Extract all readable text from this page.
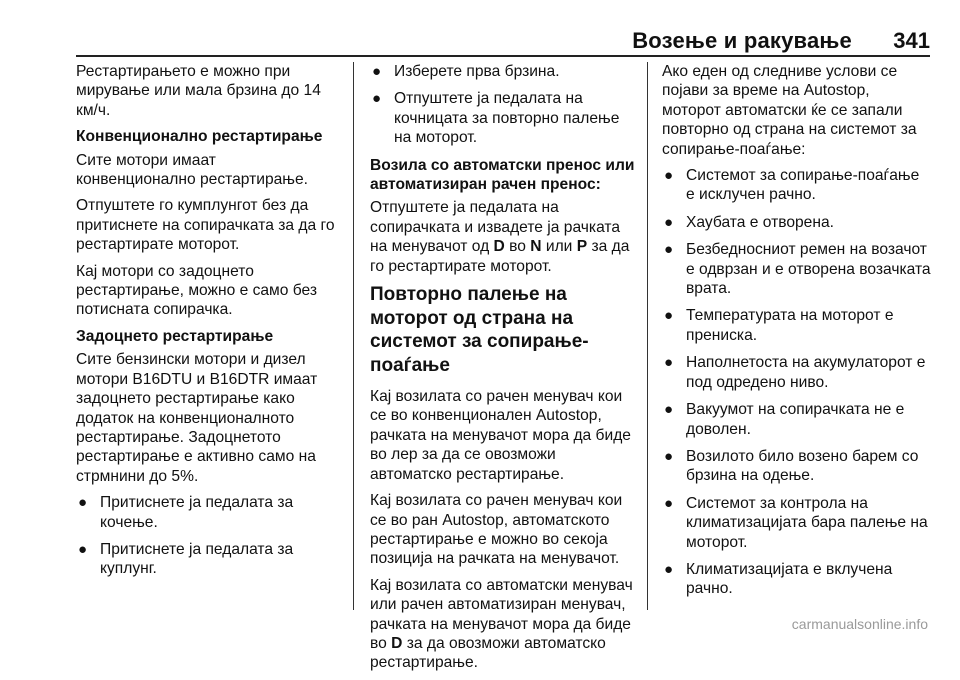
Возење и ракување 341

Рестартирањето е можно при мирување или мала брзина до 14 км/ч.

Конвенционално рестартирање

Сите мотори имаат конвенционално рестартирање.

Отпуштете го кумплунгот без да притиснете на сопирачката за да го рестартирате моторот.

Кај мотори со задоцнето рестартирање, можно е само без потиснатa сопирачка.

Задоцнето рестартирање

Сите бензински мотори и дизел мотори B16DTU и B16DTR имаат задоцнето рестартирање како додаток на конвенционалното рестартирање. Задоцнетото рестартирање е активно само на стрмнини до 5%.

● Притиснете ја педалата за кочење.
● Притиснете ја педалата за куплунг.
● Изберете прва брзина.
● Отпуштете ја педалата на кочницата за повторно палење на моторот.

Возила со автоматски пренос или автоматизиран рачен пренос:

Отпуштете ја педалата на сопирачката и извадете ја рачката на менувачот од D во N или P за да го рестартирате моторот.

Повторно палење на моторот од страна на системот за сопирање-поаѓање

Кај возилата со рачен менувач кои се во конвенционален Autostop, рачката на менувачот мора да биде во лер за да се овозможи автоматско рестартирање.

Кај возилата со рачен менувач кои се во ран Autostop, автоматското рестартирање е можно во секоја позиција на рачката на менувачот.

Кај возилата со автоматски менувач или рачен автоматизиран менувач, рачката на менувачот мора да биде во D за да овозможи автоматско рестартирање.

Ако еден од следниве услови се појави за време на Autostop, моторот автоматски ќе се запали повторно од страна на системот за сопирање-поаѓање:

● Системот за сопирање-поаѓање е исклучен рачно.
● Хаубата е отворена.
● Безбедносниот ремен на возачот е одврзан и е отворена возачката врата.
● Температурата на моторот е прениска.
● Наполнетоста на акумулаторот е под одредено ниво.
● Вакуумот на сопирачката не е доволен.
● Возилото било возено барем со брзина на одење.
● Системот за контрола на климатизацијата бара палење на моторот.
● Климатизацијата е вклучена рачно.
carmanualsonline.info
